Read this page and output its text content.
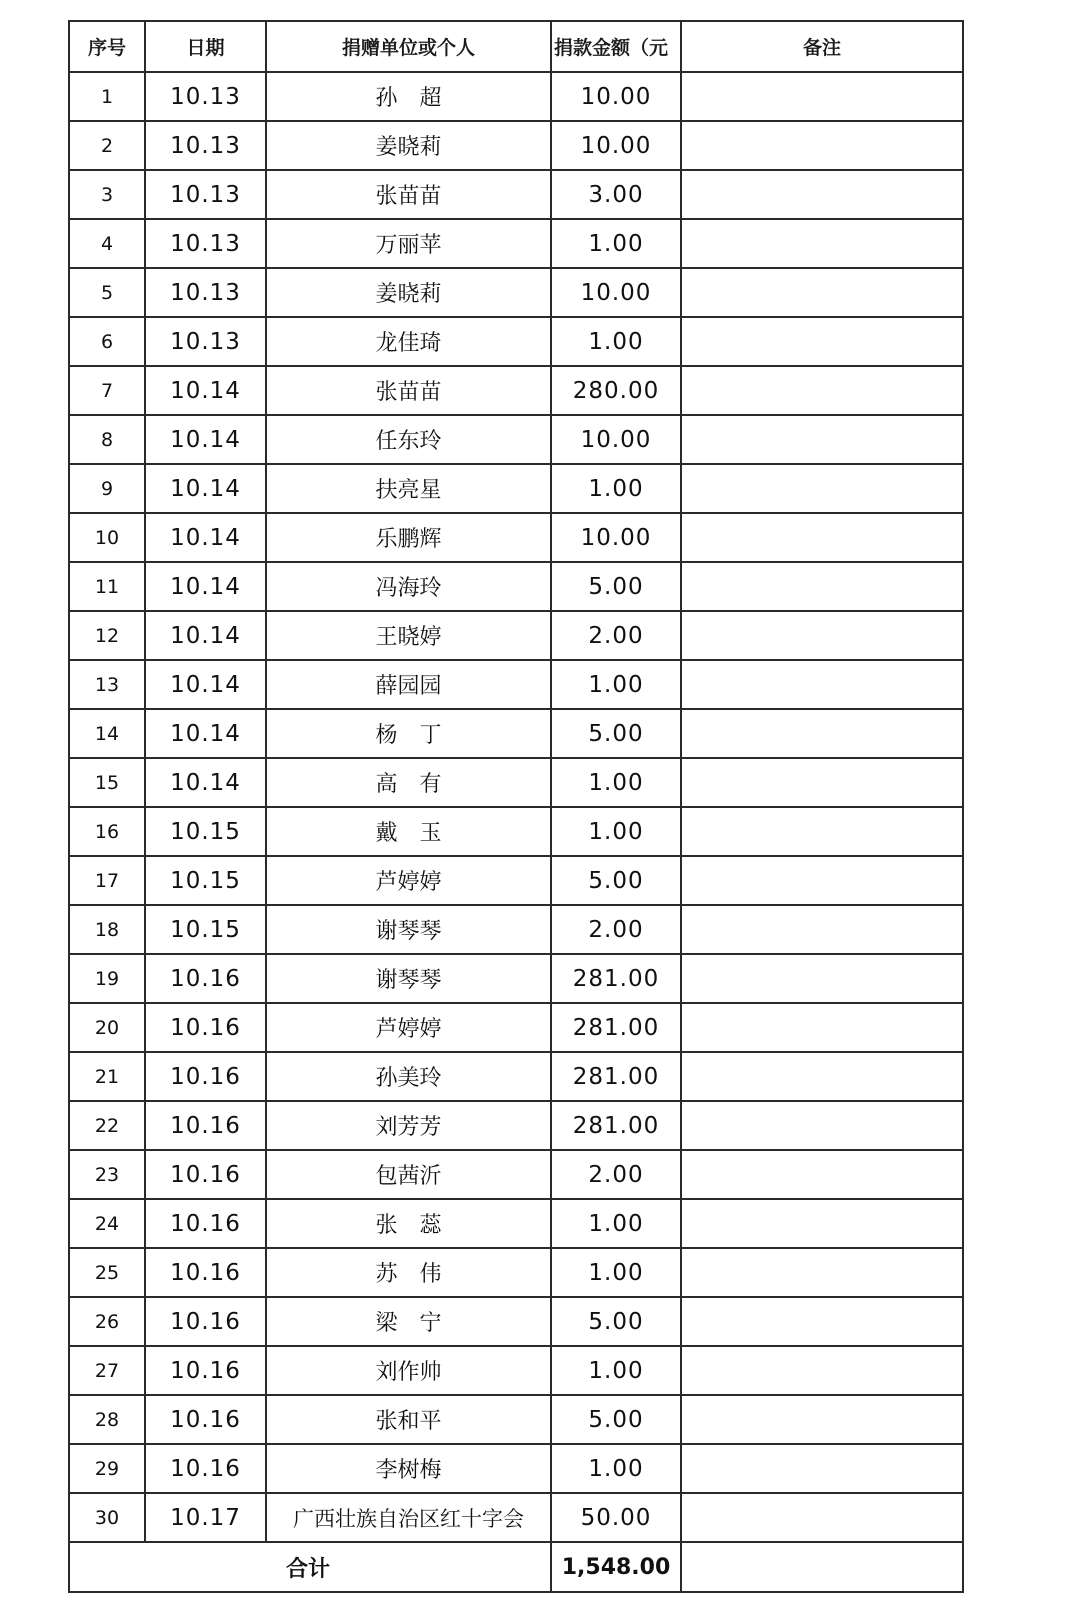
序号	日期	捐赠单位或个人	捐款金额（元	备注
1	10.13	孙　超	10.00	
2	10.13	姜晓莉	10.00	
3	10.13	张苗苗	3.00	
4	10.13	万丽苹	1.00	
5	10.13	姜晓莉	10.00	
6	10.13	龙佳琦	1.00	
7	10.14	张苗苗	280.00	
8	10.14	任东玲	10.00	
9	10.14	扶亮星	1.00	
10	10.14	乐鹏辉	10.00	
11	10.14	冯海玲	5.00	
12	10.14	王晓婷	2.00	
13	10.14	薛园园	1.00	
14	10.14	杨　丁	5.00	
15	10.14	高　有	1.00	
16	10.15	戴　玉	1.00	
17	10.15	芦婷婷	5.00	
18	10.15	谢琴琴	2.00	
19	10.16	谢琴琴	281.00	
20	10.16	芦婷婷	281.00	
21	10.16	孙美玲	281.00	
22	10.16	刘芳芳	281.00	
23	10.16	包茜沂	2.00	
24	10.16	张　蕊	1.00	
25	10.16	苏　伟	1.00	
26	10.16	梁　宁	5.00	
27	10.16	刘作帅	1.00	
28	10.16	张和平	5.00	
29	10.16	李树梅	1.00	
30	10.17	广西壮族自治区红十字会	50.00	
合计			1,548.00	
